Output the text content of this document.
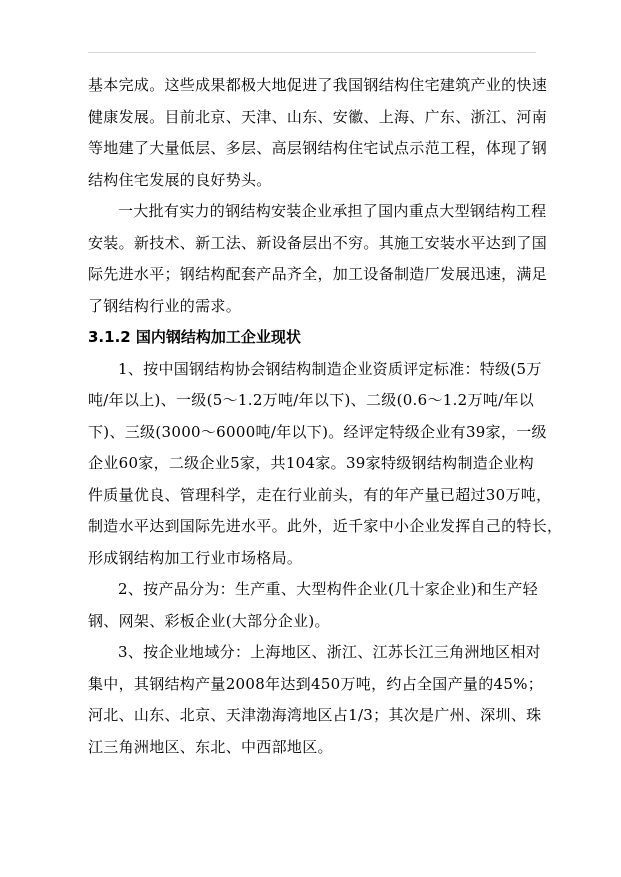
基本完成。这些成果都极大地促进了我国钢结构住宅建筑产业的快速
健康发展。目前北京、天津、山东、安徽、上海、广东、浙江、河南
等地建了大量低层、多层、高层钢结构住宅试点示范工程，体现了钢
结构住宅发展的良好势头。

一大批有实力的钢结构安装企业承担了国内重点大型钢结构工程
安装。新技术、新工法、新设备层出不穷。其施工安装水平达到了国
际先进水平；钢结构配套产品齐全，加工设备制造厂发展迅速，满足
了钢结构行业的需求。

3.1.2 国内钢结构加工企业现状

1、按中国钢结构协会钢结构制造企业资质评定标准：特级(5万
吨/年以上)、一级(5～1.2万吨/年以下)、二级(0.6～1.2万吨/年以
下)、三级(3000～6000吨/年以下)。经评定特级企业有39家，一级
企业60家，二级企业5家，共104家。39家特级钢结构制造企业构
件质量优良、管理科学，走在行业前头，有的年产量已超过30万吨，
制造水平达到国际先进水平。此外，近千家中小企业发挥自己的特长，
形成钢结构加工行业市场格局。

2、按产品分为：生产重、大型构件企业(几十家企业)和生产轻
钢、网架、彩板企业(大部分企业)。

3、按企业地域分：上海地区、浙江、江苏长江三角洲地区相对
集中，其钢结构产量2008年达到450万吨，约占全国产量的45%；
河北、山东、北京、天津渤海湾地区占1/3；其次是广州、深圳、珠
江三角洲地区、东北、中西部地区。
